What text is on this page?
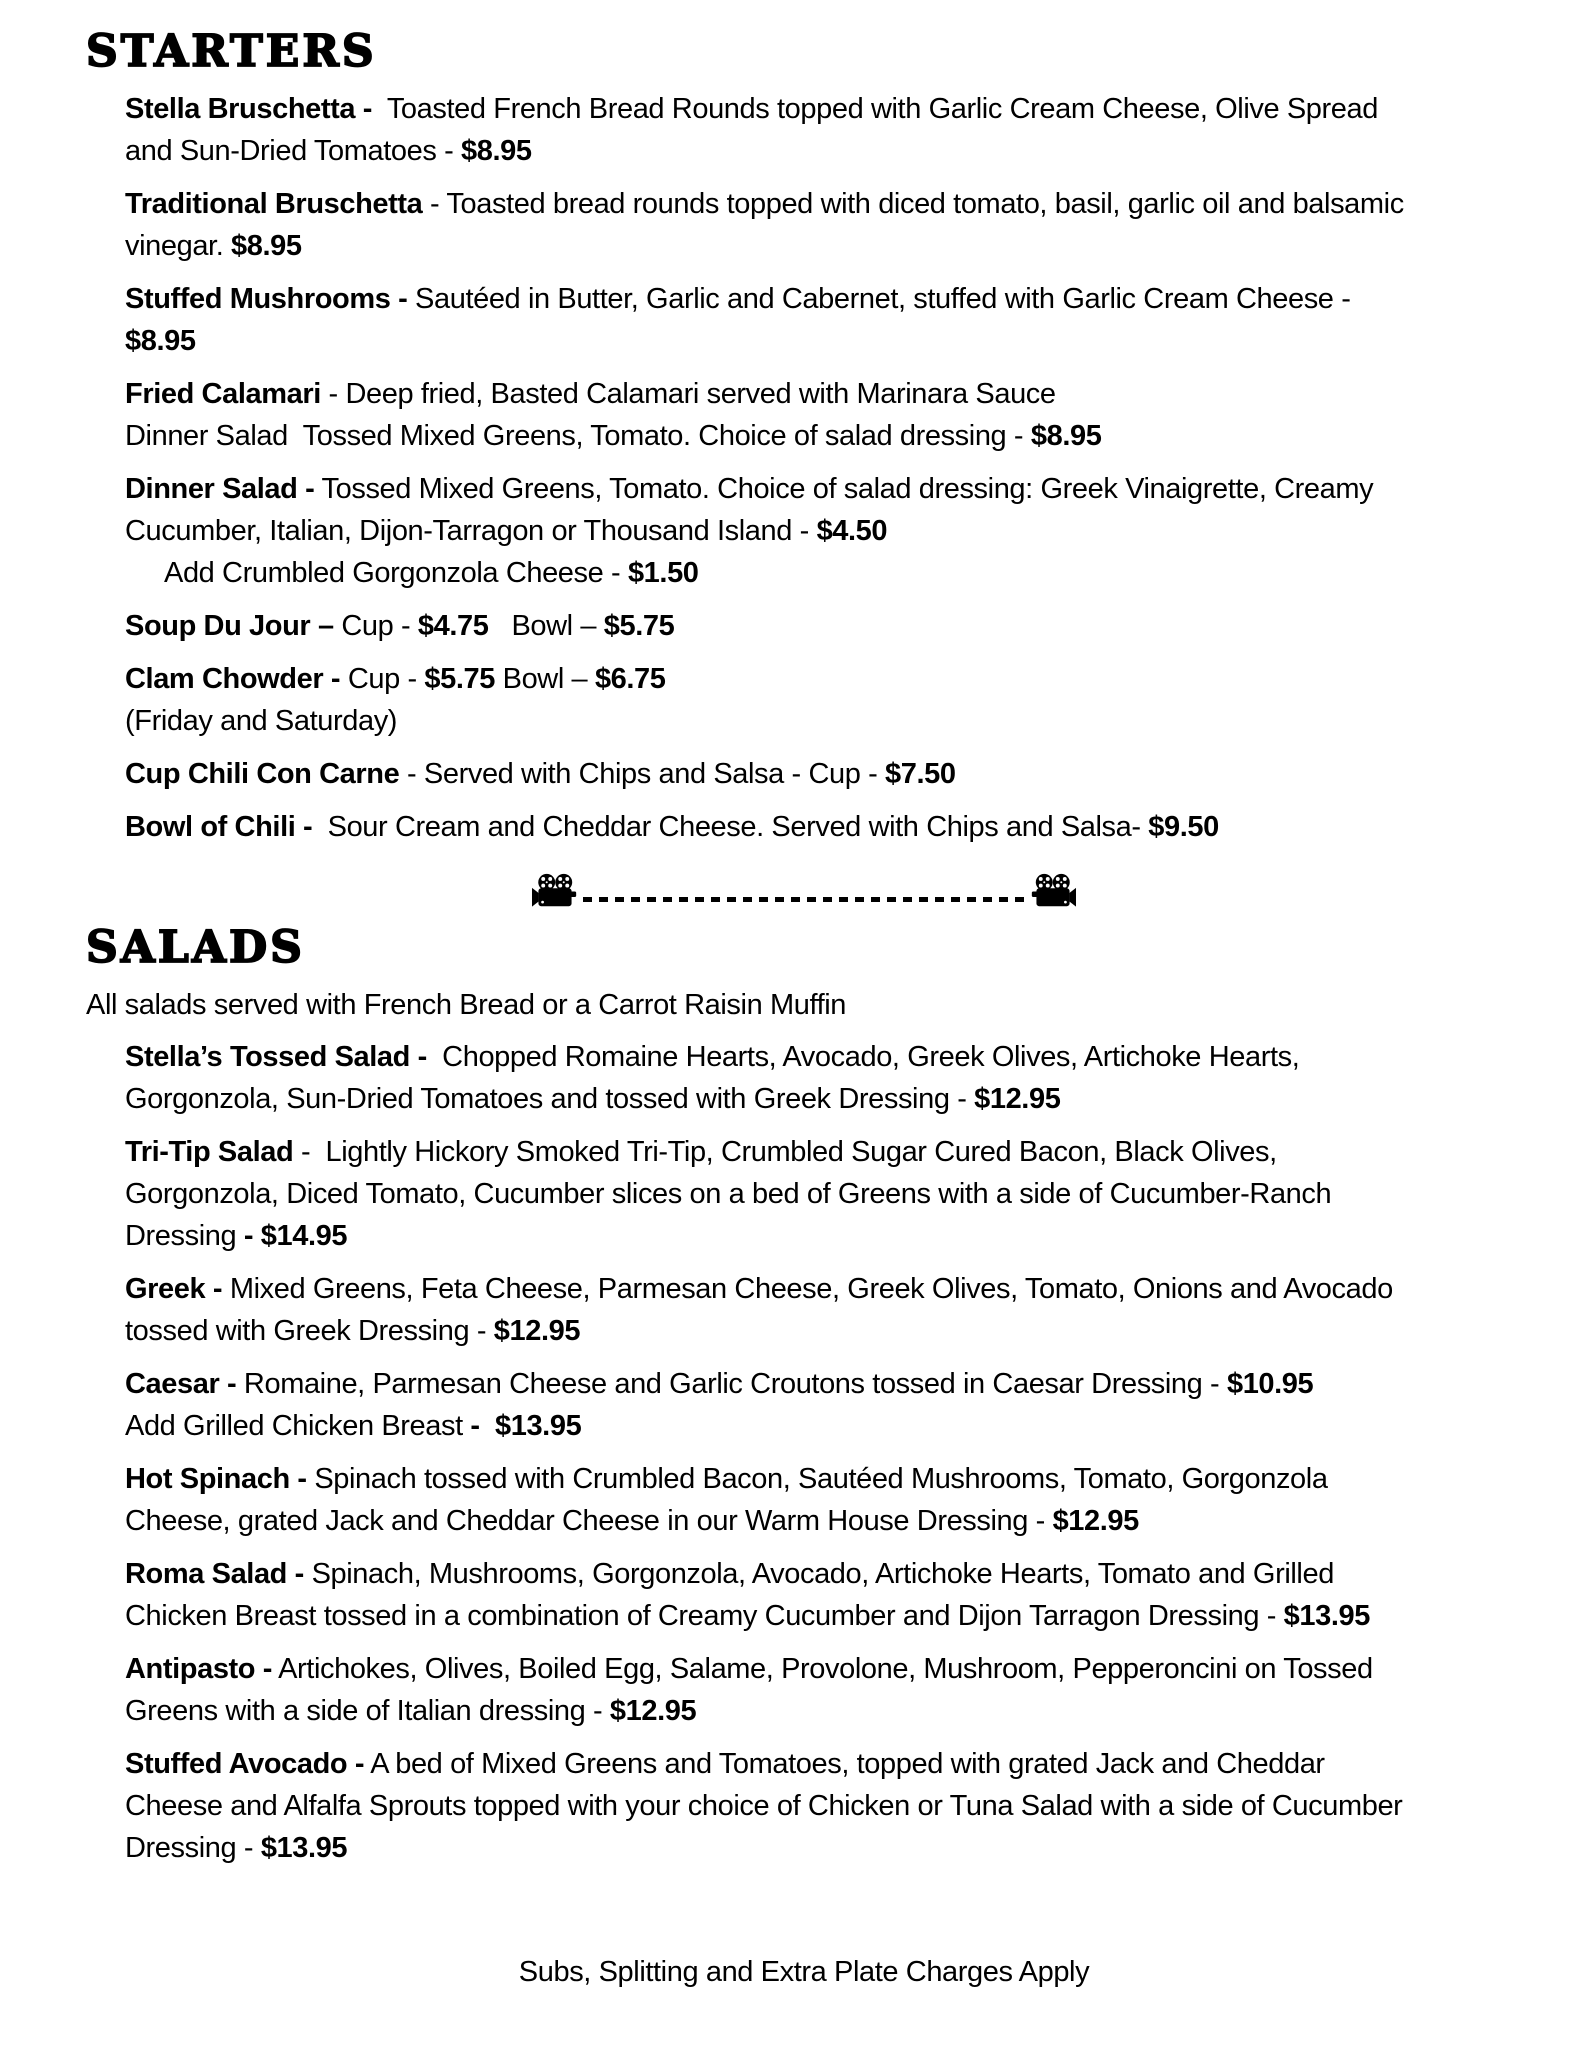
STARTERS

Stella Bruschetta -  Toasted French Bread Rounds topped with Garlic Cream Cheese, Olive Spread and Sun-Dried Tomatoes - $8.95

Traditional Bruschetta - Toasted bread rounds topped with diced tomato, basil, garlic oil and balsamic vinegar. $8.95

Stuffed Mushrooms - Sautéed in Butter, Garlic and Cabernet, stuffed with Garlic Cream Cheese - $8.95

Fried Calamari - Deep fried, Basted Calamari served with Marinara Sauce
Dinner Salad  Tossed Mixed Greens, Tomato. Choice of salad dressing - $8.95

Dinner Salad - Tossed Mixed Greens, Tomato. Choice of salad dressing: Greek Vinaigrette, Creamy Cucumber, Italian, Dijon-Tarragon or Thousand Island - $4.50
Add Crumbled Gorgonzola Cheese - $1.50

Soup Du Jour – Cup - $4.75   Bowl – $5.75

Clam Chowder - Cup - $5.75 Bowl – $6.75
(Friday and Saturday)

Cup Chili Con Carne - Served with Chips and Salsa - Cup - $7.50

Bowl of Chili -  Sour Cream and Cheddar Cheese. Served with Chips and Salsa- $9.50

SALADS

All salads served with French Bread or a Carrot Raisin Muffin

Stella’s Tossed Salad -  Chopped Romaine Hearts, Avocado, Greek Olives, Artichoke Hearts, Gorgonzola, Sun-Dried Tomatoes and tossed with Greek Dressing - $12.95

Tri-Tip Salad -  Lightly Hickory Smoked Tri-Tip, Crumbled Sugar Cured Bacon, Black Olives, Gorgonzola, Diced Tomato, Cucumber slices on a bed of Greens with a side of Cucumber-Ranch Dressing - $14.95

Greek - Mixed Greens, Feta Cheese, Parmesan Cheese, Greek Olives, Tomato, Onions and Avocado tossed with Greek Dressing - $12.95

Caesar - Romaine, Parmesan Cheese and Garlic Croutons tossed in Caesar Dressing - $10.95
Add Grilled Chicken Breast -  $13.95

Hot Spinach - Spinach tossed with Crumbled Bacon, Sautéed Mushrooms, Tomato, Gorgonzola Cheese, grated Jack and Cheddar Cheese in our Warm House Dressing - $12.95

Roma Salad - Spinach, Mushrooms, Gorgonzola, Avocado, Artichoke Hearts, Tomato and Grilled Chicken Breast tossed in a combination of Creamy Cucumber and Dijon Tarragon Dressing - $13.95

Antipasto - Artichokes, Olives, Boiled Egg, Salame, Provolone, Mushroom, Pepperoncini on Tossed Greens with a side of Italian dressing - $12.95

Stuffed Avocado - A bed of Mixed Greens and Tomatoes, topped with grated Jack and Cheddar Cheese and Alfalfa Sprouts topped with your choice of Chicken or Tuna Salad with a side of Cucumber Dressing - $13.95

Subs, Splitting and Extra Plate Charges Apply
